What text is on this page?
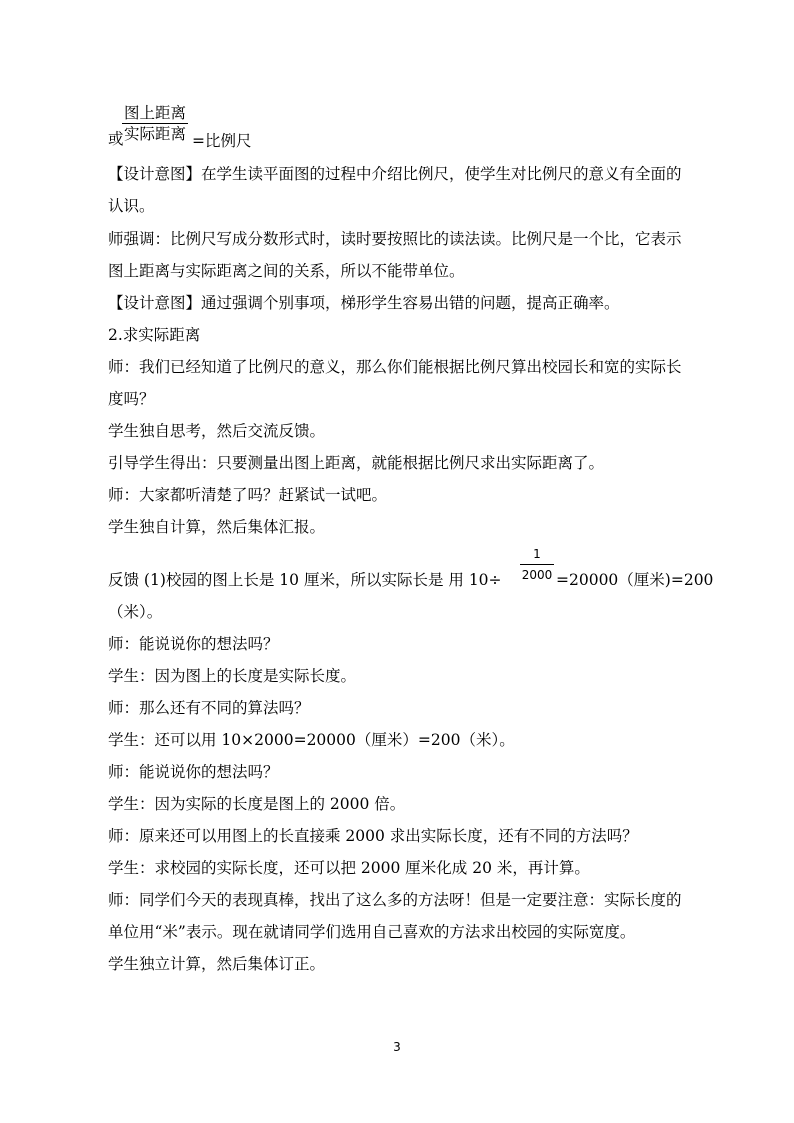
或
图上距离
实际距离 =比例尺
【设计意图】在学生读平面图的过程中介绍比例尺，使学生对比例尺的意义有全面的
认识。
师强调：比例尺写成分数形式时，读时要按照比的读法读。比例尺是一个比，它表示
图上距离与实际距离之间的关系，所以不能带单位。
【设计意图】通过强调个别事项，梯形学生容易出错的问题，提高正确率。
2.求实际距离
师：我们已经知道了比例尺的意义，那么你们能根据比例尺算出校园长和宽的实际长
度吗？
学生独自思考，然后交流反馈。
引导学生得出：只要测量出图上距离，就能根据比例尺求出实际距离了。
师：大家都听清楚了吗？赶紧试一试吧。
学生独自计算，然后集体汇报。
反馈 (1)校园的图上长是 10 厘米，所以实际长是 用 $10\div \frac{1}{2000} =20000$（厘米)=200
（米）。
师：能说说你的想法吗？
学生：因为图上的长度是实际长度。
师：那么还有不同的算法吗？
学生：还可以用 10×2000=20000（厘米）=200（米）。
师：能说说你的想法吗？
学生：因为实际的长度是图上的 2000 倍。
师：原来还可以用图上的长直接乘 2000 求出实际长度，还有不同的方法吗？
学生：求校园的实际长度，还可以把 2000 厘米化成 20 米，再计算。
师：同学们今天的表现真棒，找出了这么多的方法呀！但是一定要注意：实际长度的
单位用“米”表示。现在就请同学们选用自己喜欢的方法求出校园的实际宽度。
学生独立计算，然后集体订正。
3
